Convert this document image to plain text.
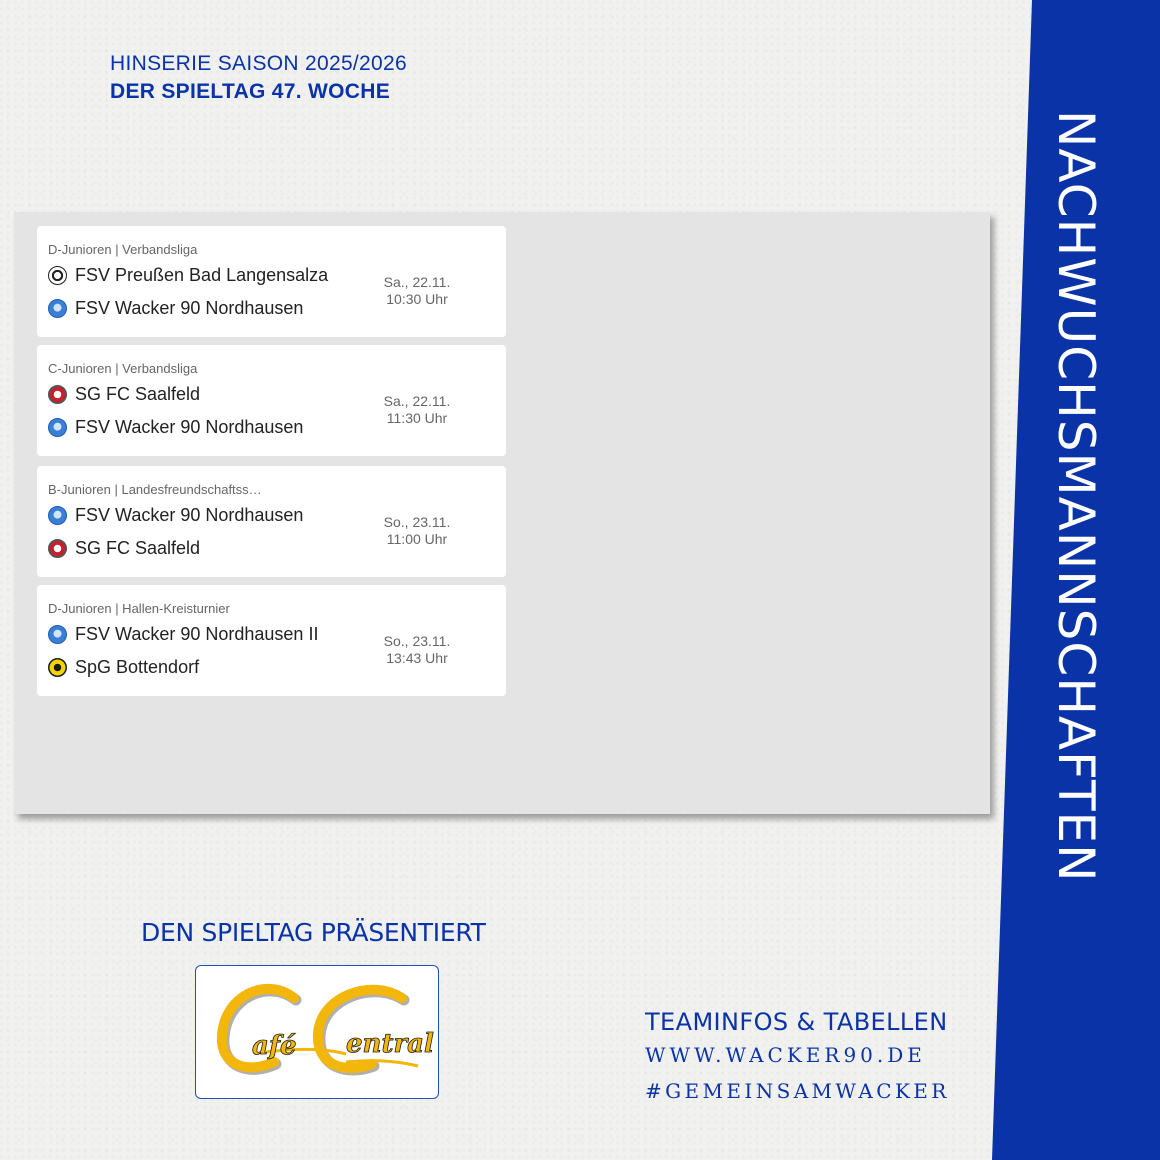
NACHWUCHSMANNSCHAFTEN
HINSERIE SAISON 2025/2026
DER SPIELTAG 47. WOCHE
D-Junioren | Verbandsliga
FSV Preußen Bad Langensalza
FSV Wacker 90 Nordhausen
Sa., 22.11.
10:30 Uhr
C-Junioren | Verbandsliga
SG FC Saalfeld
FSV Wacker 90 Nordhausen
Sa., 22.11.
11:30 Uhr
B-Junioren | Landesfreundschaftss…
FSV Wacker 90 Nordhausen
SG FC Saalfeld
So., 23.11.
11:00 Uhr
D-Junioren | Hallen-Kreisturnier
FSV Wacker 90 Nordhausen II
SpG Bottendorf
So., 23.11.
13:43 Uhr
DEN SPIELTAG PRÄSENTIERT
afé entral
TEAMINFOS & TABELLEN
WWW.WACKER90.DE
#GEMEINSAMWACKER
